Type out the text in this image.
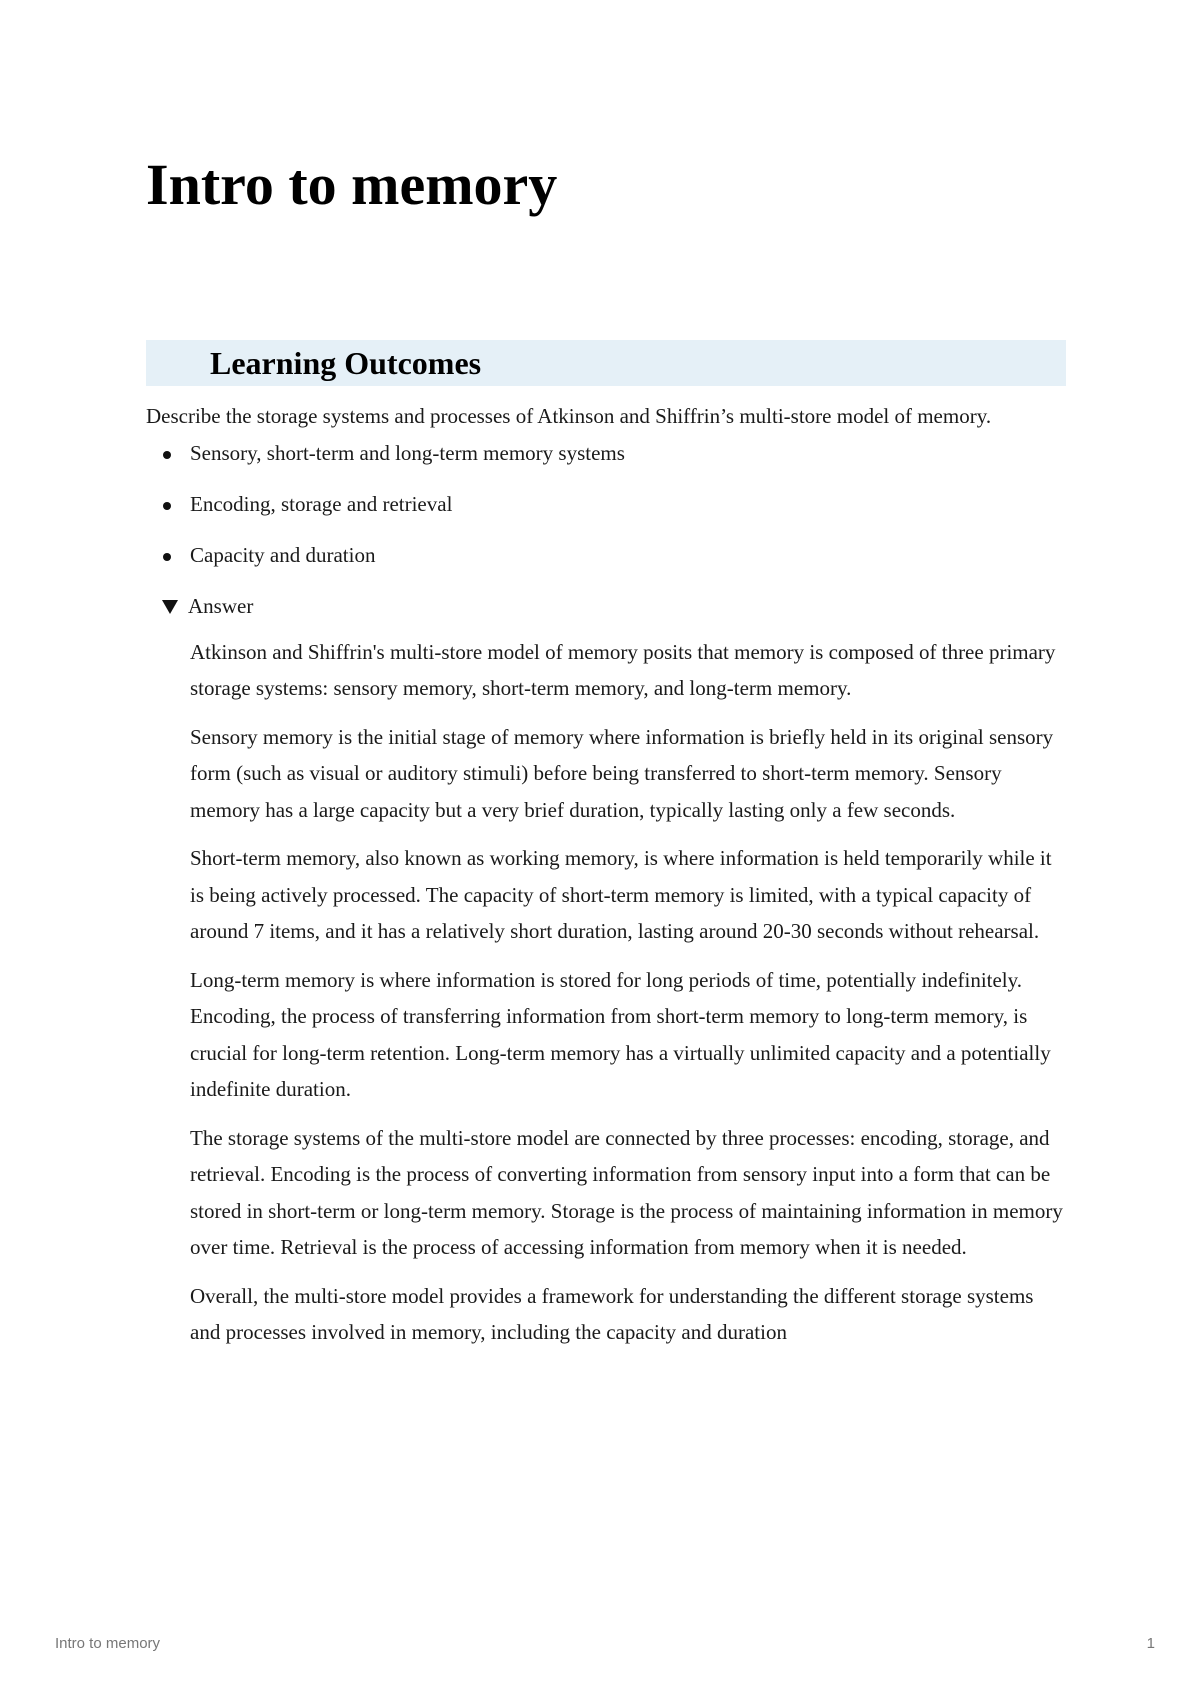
Intro to memory
Learning Outcomes

Describe the storage systems and processes of Atkinson and Shiffrin’s multi-store model of memory.

Sensory, short-term and long-term memory systems
Encoding, storage and retrieval
Capacity and duration
Answer

Atkinson and Shiffrin's multi-store model of memory posits that memory is composed of three primary storage systems: sensory memory, short-term memory, and long-term memory.

Sensory memory is the initial stage of memory where information is briefly held in its original sensory form (such as visual or auditory stimuli) before being transferred to short-term memory. Sensory memory has a large capacity but a very brief duration, typically lasting only a few seconds.

Short-term memory, also known as working memory, is where information is held temporarily while it is being actively processed. The capacity of short-term memory is limited, with a typical capacity of around 7 items, and it has a relatively short duration, lasting around 20-30 seconds without rehearsal.

Long-term memory is where information is stored for long periods of time, potentially indefinitely. Encoding, the process of transferring information from short-term memory to long-term memory, is crucial for long-term retention. Long-term memory has a virtually unlimited capacity and a potentially indefinite duration.

The storage systems of the multi-store model are connected by three processes: encoding, storage, and retrieval. Encoding is the process of converting information from sensory input into a form that can be stored in short-term or long-term memory. Storage is the process of maintaining information in memory over time. Retrieval is the process of accessing information from memory when it is needed.

Overall, the multi-store model provides a framework for understanding the different storage systems and processes involved in memory, including the capacity and duration

Intro to memory	1
